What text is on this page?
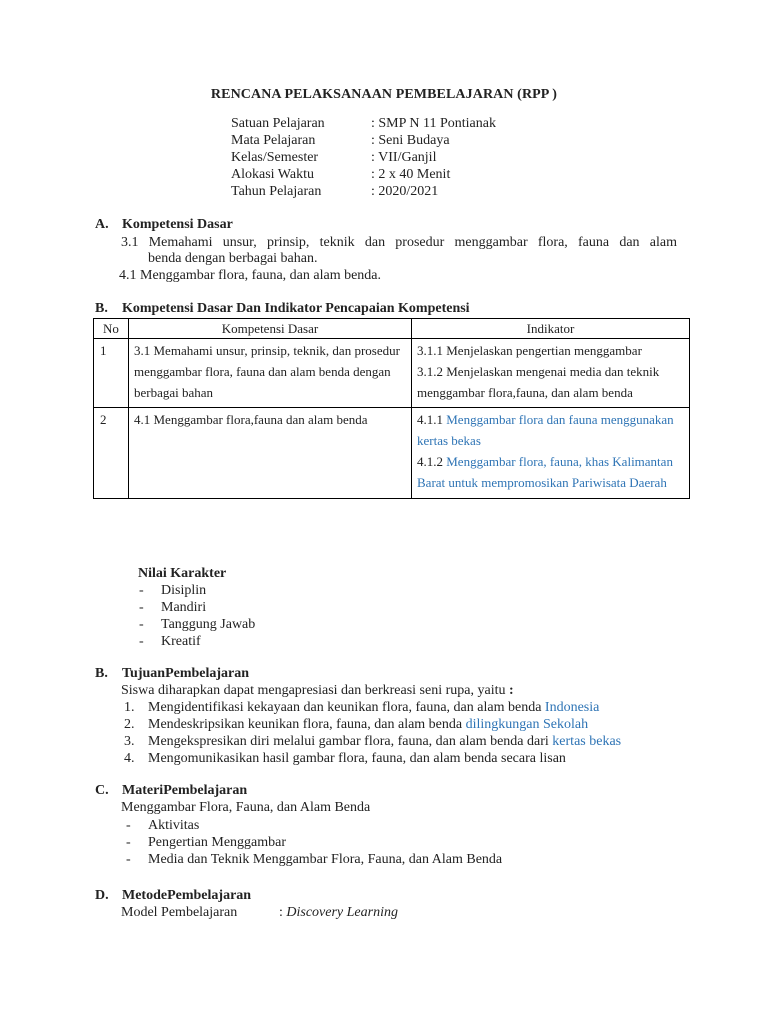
RENCANA PELAKSANAAN PEMBELAJARAN (RPP )
Satuan Pelajaran	: SMP N 11 Pontianak
Mata Pelajaran	: Seni Budaya
Kelas/Semester	: VII/Ganjil
Alokasi Waktu	: 2 x 40 Menit
Tahun Pelajaran	: 2020/2021
A. Kompetensi Dasar
3.1 Memahami unsur, prinsip, teknik dan prosedur menggambar flora, fauna dan alam
benda dengan berbagai bahan.
4.1 Menggambar flora, fauna, dan alam benda.
B. Kompetensi Dasar Dan Indikator Pencapaian Kompetensi
No	Kompetensi Dasar	Indikator
1	3.1 Memahami unsur, prinsip, teknik, dan prosedur menggambar flora, fauna dan alam benda dengan berbagai bahan	3.1.1 Menjelaskan pengertian menggambar
3.1.2 Menjelaskan mengenai media dan teknik menggambar flora,fauna, dan alam benda

2	4.1 Menggambar flora,fauna dan alam benda	4.1.1 Menggambar flora dan fauna menggunakan kertas bekas
4.1.2 Menggambar flora, fauna, khas Kalimantan Barat untuk mempromosikan Pariwisata Daerah
Nilai Karakter
- Disiplin
- Mandiri
- Tanggung Jawab
- Kreatif
B. TujuanPembelajaran
Siswa diharapkan dapat mengapresiasi dan berkreasi seni rupa, yaitu :
1. Mengidentifikasi kekayaan dan keunikan flora, fauna, dan alam benda Indonesia
2. Mendeskripsikan keunikan flora, fauna, dan alam benda dilingkungan Sekolah
3. Mengekspresikan diri melalui gambar flora, fauna, dan alam benda dari kertas bekas
4. Mengomunikasikan hasil gambar flora, fauna, dan alam benda secara lisan
C. MateriPembelajaran
Menggambar Flora, Fauna, dan Alam Benda
- Aktivitas
- Pengertian Menggambar
- Media dan Teknik Menggambar Flora, Fauna, dan Alam Benda
D. MetodePembelajaran
Model Pembelajaran	: Discovery Learning
